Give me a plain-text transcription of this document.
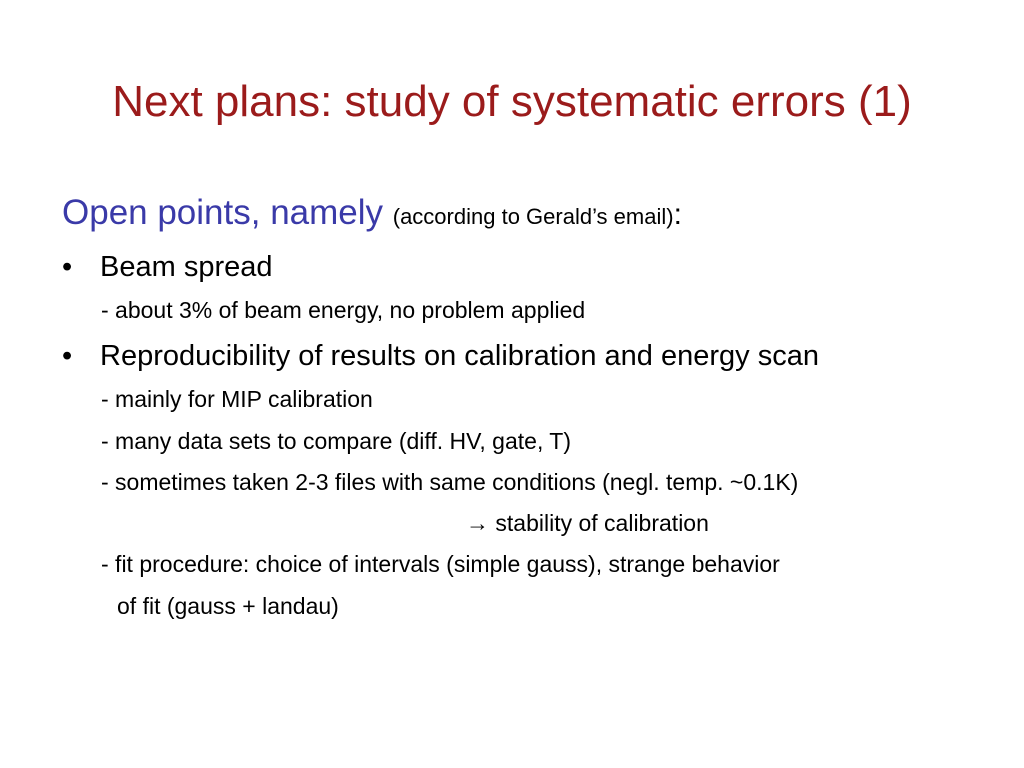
Next plans: study of systematic errors (1)
Open points, namely (according to Gerald’s email):
• Beam spread
- about 3% of beam energy, no problem applied
• Reproducibility of results on calibration and energy scan
- mainly for MIP calibration
- many data sets to compare (diff. HV, gate, T)
- sometimes taken 2-3 files with same conditions (negl. temp. ~0.1K)
→ stability of calibration
- fit procedure: choice of intervals (simple gauss), strange behavior
of fit (gauss + landau)
